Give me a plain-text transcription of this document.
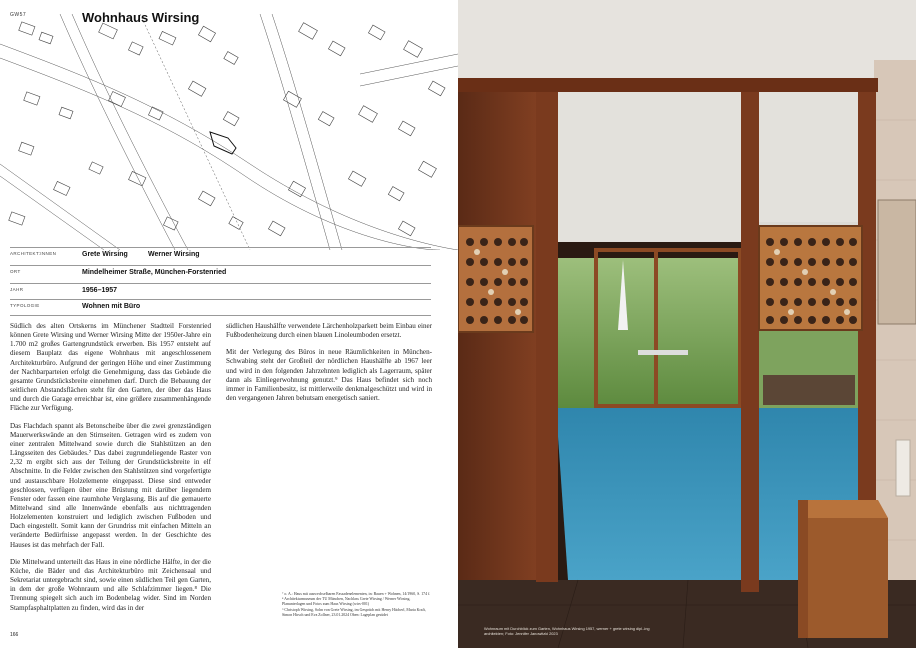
GW57	Wohnhaus Wirsing
ARCHITEKT:INNEN	Grete Wirsing	Werner Wirsing
ORT	Mindelheimer Straße, München-Forstenried
JAHR	1956–1957
TYPOLOGIE	Wohnen mit Büro

Südlich des alten Ortskerns im Münchener Stadtteil Forstenried können Grete Wirsing und Werner Wirsing Mitte der 1950er-Jahre ein 1.700 m2 großes Gartengrundstück erwerben. Bis 1957 entsteht auf diesem Bauplatz das eigene Wohnhaus mit angeschlossenem Architekturbüro. Aufgrund der geringen Höhe und einer Zustimmung der Nachbarparteien erfolgt die Genehmigung, dass das Gebäude die gesamte Grundstücksbreite einnehmen darf. Durch die Bebauung der seitlichen Abstandsflächen steht für den Garten, der über das Haus und durch die Garage erreichbar ist, eine größere zusammenhängende Fläche zur Verfügung.

Das Flachdach spannt als Betonscheibe über die zwei grenzständigen Mauerwerkswände an den Stirnseiten. Getragen wird es zudem von einer zentralen Mittelwand sowie durch die Stahlstützen an den Längsseiten des Gebäudes.⁷ Das dabei zugrundeliegende Raster von 2,32 m ergibt sich aus der Teilung der Grundstücksbreite in elf Abschnitte. In die Felder zwischen den Stahlstützen sind vorgefertigte und austauschbare Holzelemente eingepasst. Diese sind entweder geschlossen, verfügen über eine Brüstung mit darüber liegendem Fenster oder fassen eine raumhohe Verglasung. Bis auf die gemauerte Mittelwand sind alle Innenwände ebenfalls aus nichttragenden Holzelementen konstruiert und lediglich zwischen Fußboden und Dach eingestellt. Somit kann der Grundriss mit einfachen Mitteln an veränderte Bedürfnisse angepasst werden. In der Geschichte des Hauses ist das mehrfach der Fall.

Die Mittelwand unterteilt das Haus in eine nördliche Hälfte, in der die Küche, die Bäder und das Architekturbüro mit Zeichensaal und Sekretariat untergebracht sind, sowie einen südlichen Teil gen Garten, in dem der große Wohnraum und alle Schlafzimmer liegen.⁸ Die Trennung spiegelt sich auch im Bodenbelag wider. Sind im Norden Stampfasphaltplatten zu finden, wird das in der

südlichen Haushälfte verwendete Lärchenholzparkett beim Einbau einer Fußbodenheizung durch einen blauen Linoleumboden ersetzt.

Mit der Verlegung des Büros in neue Räumlichkeiten in München-Schwabing steht der Großteil der nördlichen Haushälfte ab 1967 leer und wird in den folgenden Jahrzehnten lediglich als Lagerraum, später dann als Einliegerwohnung genutzt.⁹ Das Haus befindet sich noch immer in Familienbesitz, ist mittlerweile denkmalgeschützt und wird in den vergangenen Jahren behutsam energetisch saniert.

⁷ o. A.: Haus mit auswechselbaren Fassadenelementen, in: Bauen + Wohnen, 14/1960, S. 174 f.
⁸ Architekturmuseum der TU München, Nachlass Grete Wirsing / Werner Wirsing, Planunterlagen und Fotos zum Haus Wirsing (wirs-001)
⁹ Christoph Wirsing, Sohn von Grete Wirsing, im Gespräch mit Henry Hächerl, Maria Kraft, Simon Hirsch und Eva Zollner, 23.01.2024 Oben: Lageplan gesüdet
166
Wohnraum mit Durchblick zum Garten, Wohnhaus Wirsing 1957, werner + grete wirsing dipl.-ing architekten; Foto: Jennifer Janowitzki 2023
